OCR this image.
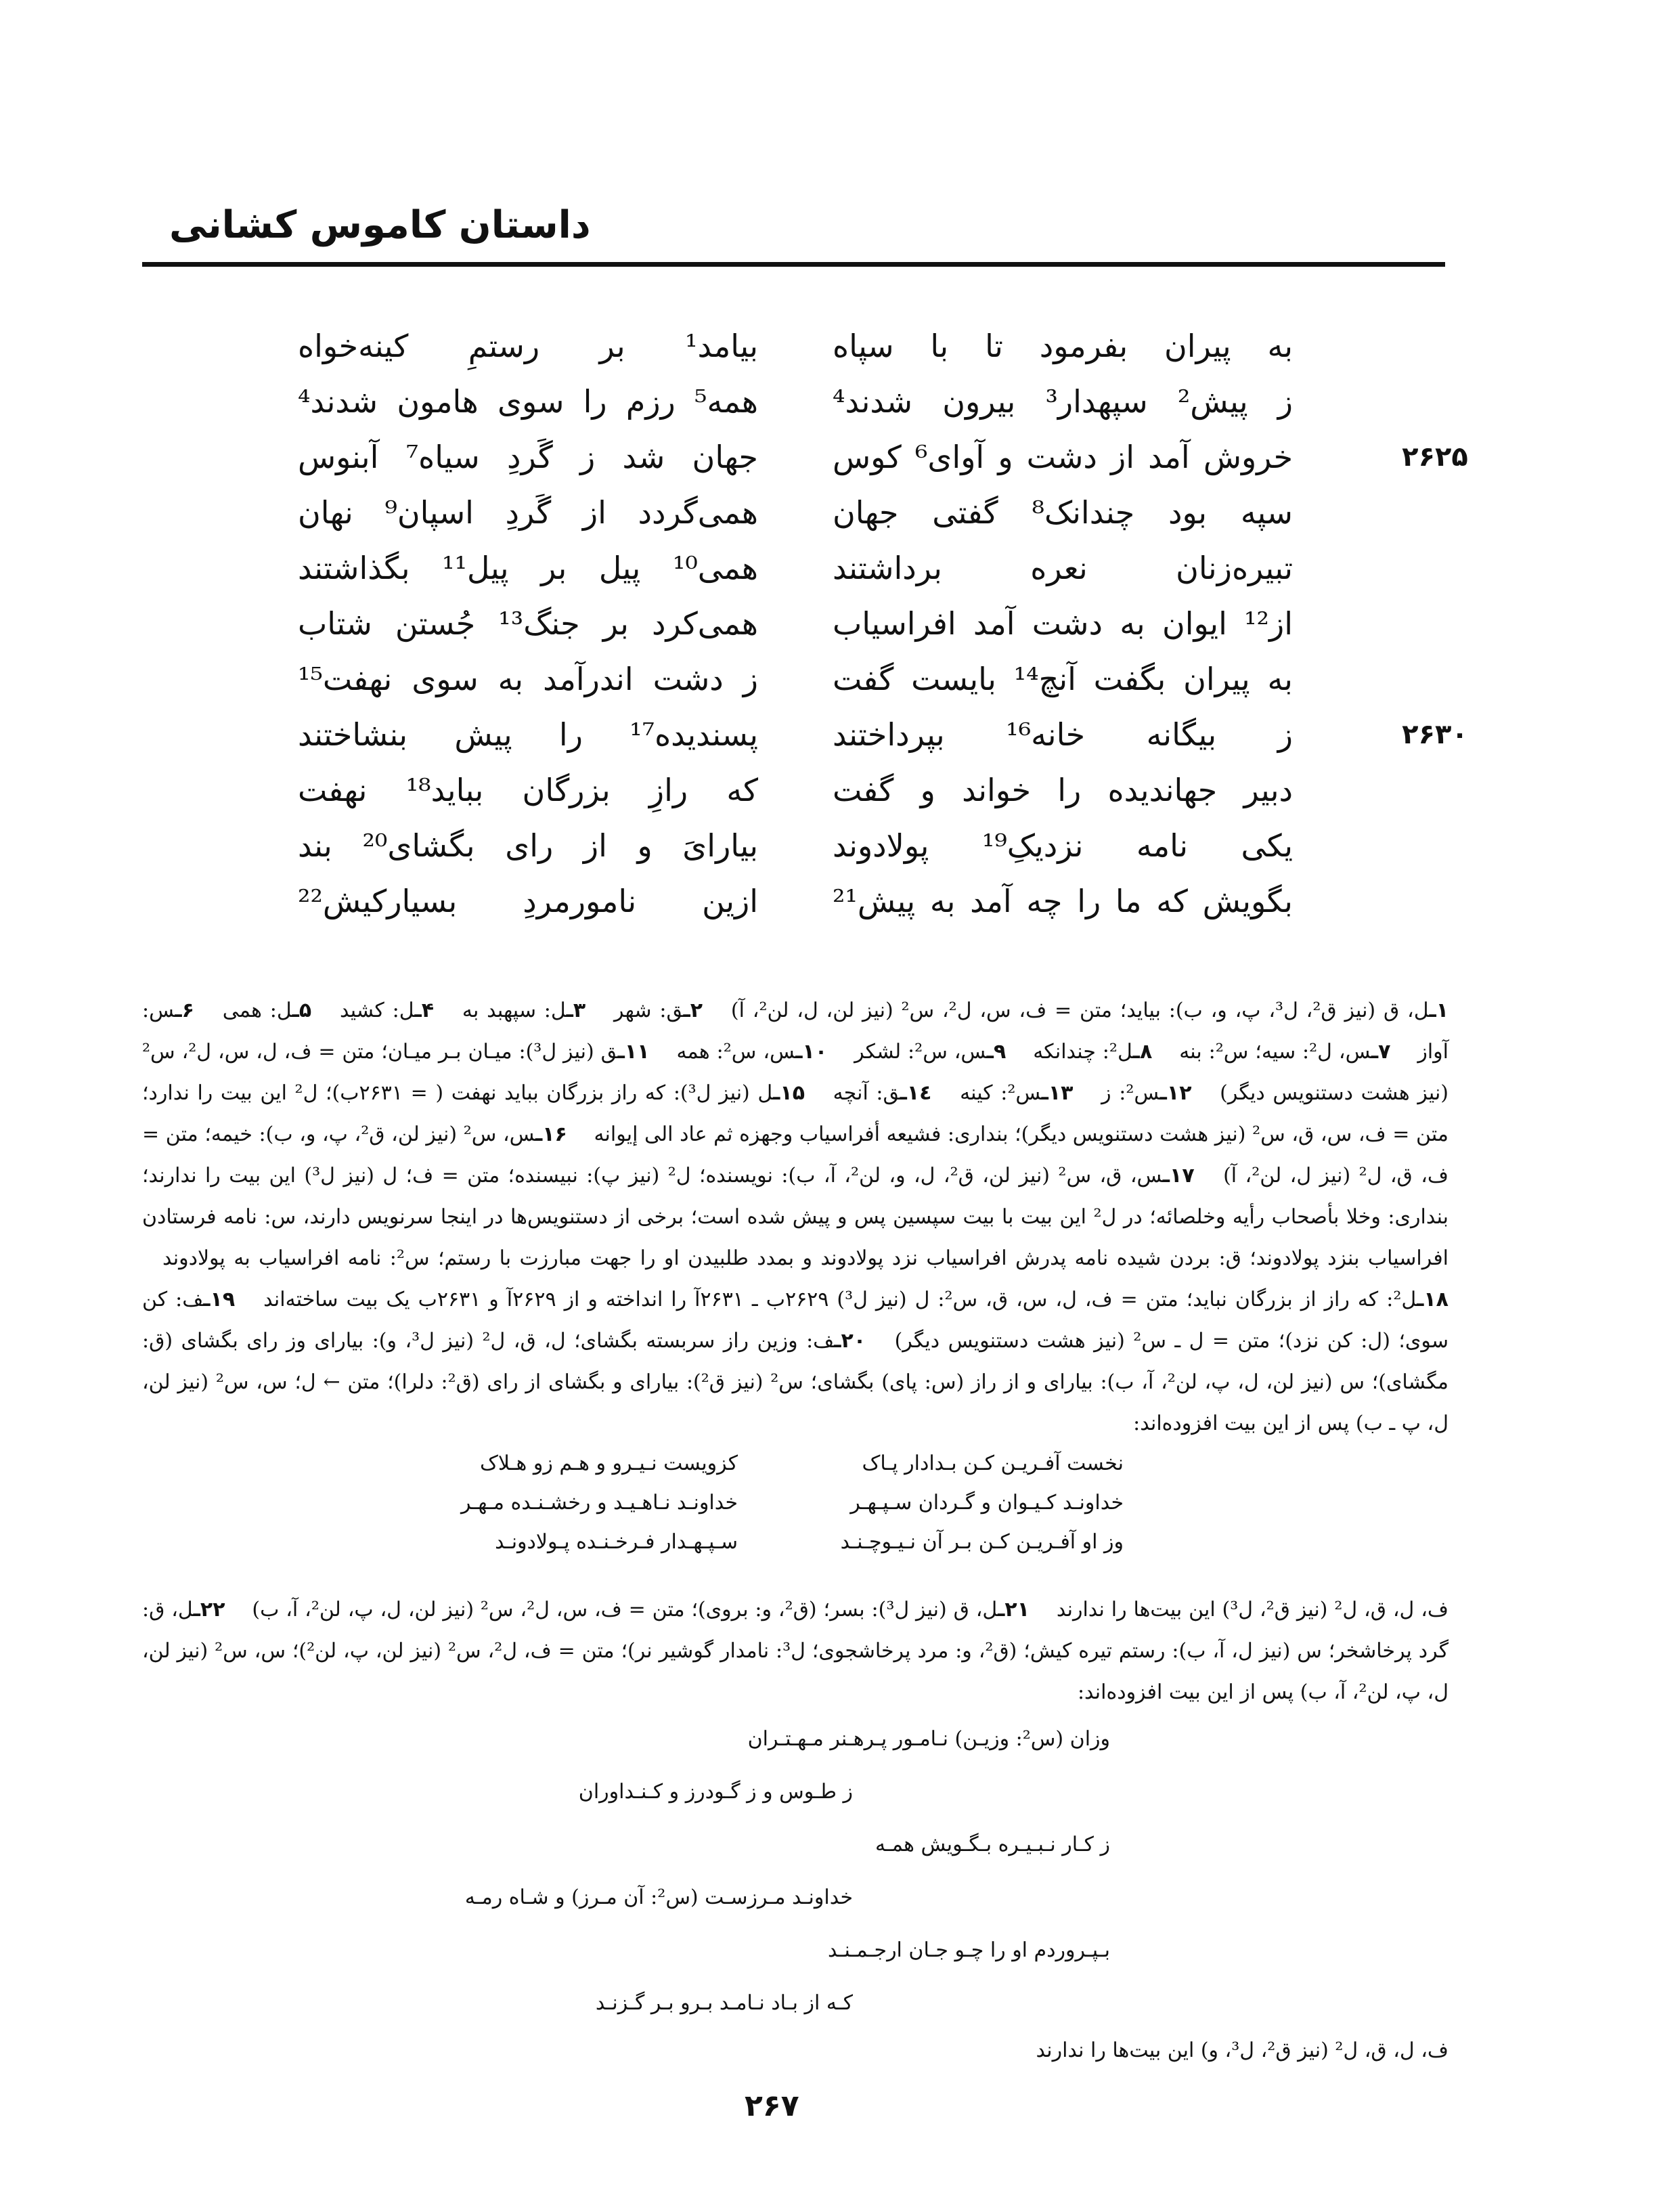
داستان کاموس کشانی
به پیران بفرمود تا با سپاه
بیامد¹ بر رستمِ کینه‌خواه
ز پیش² سپهدار³ بیرون شدند⁴
همه⁵ رزم را سوی هامون شدند⁴
۲۶۲۵
خروش آمد از دشت و آوای⁶ کوس
جهان شد ز گَردِ سیاه⁷ آبنوس
سپه بود چندانک⁸ گفتی جهان
همی‌گردد از گَردِ اسپان⁹ نهان
تبیره‌زنان نعره برداشتند
همی¹⁰ پیل بر پیل¹¹ بگذاشتند
از¹² ایوان به دشت آمد افراسیاب
همی‌کرد بر جنگ¹³ جُستن شتاب
به پیران بگفت آنچ¹⁴ بایست گفت
ز دشت اندرآمد به سوی نهفت¹⁵
۲۶۳۰
ز بیگانه خانه¹⁶ بپرداختند
پسندیده¹⁷ را پیش بنشاختند
دبیر جهاندیده را خواند و گفت
که رازِ بزرگان بباید¹⁸ نهفت
یکی نامه نزدیکِ¹⁹ پولادوند
بیارایَ و از رای بگشای²⁰ بند
بگویش که ما را چه آمد به پیش²¹
ازین نامورمردِ بسیارکیش²²

۱ـل، ق (نیز ق²، ل³، پ، و، ب): بیاید؛ متن = ف، س، ل²، س² (نیز لن، ل، لن²، آ) ۲ـق: شهر ۳ـل: سپهبد به ۴ـل: کشید ۵ـل: همی ۶ـس: آواز ۷ـس، ل²: سیه؛ س²: بنه ۸ـل²: چندانکه ۹ـس، س²: لشکر ۱۰ـس، س²: همه ۱۱ـق (نیز ل³): میـان بـر میـان؛ متن = ف، ل، س، ل²، س² (نیز هشت دستنویس دیگر) ۱۲ـس²: ز ۱۳ـس²: کینه ۱٤ـق: آنچه ۱۵ـل (نیز ل³): که راز بزرگان بباید نهفت ( = ۲۶۳۱ب)؛ ل² این بیت را ندارد؛ متن = ف، س، ق، س² (نیز هشت دستنویس دیگر)؛ بنداری: فشیعه أفراسیاب وجهزه ثم عاد الی إیوانه ۱۶ـس، س² (نیز لن، ق²، پ، و، ب): خیمه؛ متن = ف، ق، ل² (نیز ل، لن²، آ) ۱۷ـس، ق، س² (نیز لن، ق²، ل، و، لن²، آ، ب): نویسنده؛ ل² (نیز پ): نبیسنده؛ متن = ف؛ ل (نیز ل³) این بیت را ندارند؛ بنداری: وخلا بأصحاب رأیه وخلصائه؛ در ل² این بیت با بیت سپسین پس و پیش شده است؛ برخی از دستنویس‌ها در اینجا سرنویس دارند، س: نامه فرستادن افراسیاب بنزد پولادوند؛ ق: بردن شیده نامه پدرش افراسیاب نزد پولادوند و بمدد طلبیدن او را جهت مبارزت با رستم؛ س²: نامه افراسیاب به پولادوند ۱۸ـل²: که راز از بزرگان نباید؛ متن = ف، ل، س، ق، س²: ل (نیز ل³) ۲۶۲۹ب ـ ۲۶۳۱آ را انداخته و از ۲۶۲۹آ و ۲۶۳۱ب یک بیت ساخته‌اند ۱۹ـف: کن سوی؛ (ل: کن نزد)؛ متن = ل ـ س² (نیز هشت دستنویس دیگر) ۲۰ـف: وزین راز سربسته بگشای؛ ل، ق، ل² (نیز ل³، و): بیارای وز رای بگشای (ق: مگشای)؛ س (نیز لن، ل، پ، لن²، آ، ب): بیارای و از راز (س: پای) بگشای؛ س² (نیز ق²): بیارای و بگشای از رای (ق²: دلرا)؛ متن ← ل؛ س، س² (نیز لن، ل، پ ـ ب) پس از این بیت افزوده‌اند:

نخست آفـریـن کـن بـدادار پـاک
کزویست نـیـرو و هـم زو هـلاک
خداونـد کـیـوان و گـردان سـپـهـر
خداونـد نـاهـیـد و رخشـنـده مـهـر
وز او آفـریـن کـن بـر آن نـیـوچـنـد
سـپـهـدار فـرخـنـده پـولادونـد

ف، ل، ق، ل² (نیز ق²، ل³) این بیت‌ها را ندارند ۲۱ـل، ق (نیز ل³): بسر؛ (ق²، و: بروی)؛ متن = ف، س، ل²، س² (نیز لن، ل، پ، لن²، آ، ب) ۲۲ـل، ق: گرد پرخاشخر؛ س (نیز ل، آ، ب): رستم تیره کیش؛ (ق²، و: مرد پرخاشجوی؛ ل³: نامدار گوشیر نر)؛ متن = ف، ل²، س² (نیز لن، پ، لن²)؛ س، س² (نیز لن، ل، پ، لن²، آ، ب) پس از این بیت افزوده‌اند:

وزان (س²: وزیـن) نـامـور پـرهـنر مـهـتـران
ز طـوس و ز گـودرز و کـنـداوران
ز کـار نـبـیـره بـگـویش همـه
خداونـد مـرزسـت (س²: آن مـرز) و شـاه رمـه
بـپـروردم او را چـو جـان ارجـمـنـد
کـه از بـاد نـامـد بـرو بـر گـزنـد

ف، ل، ق، ل² (نیز ق²، ل³، و) این بیت‌ها را ندارند

۲۶۷
